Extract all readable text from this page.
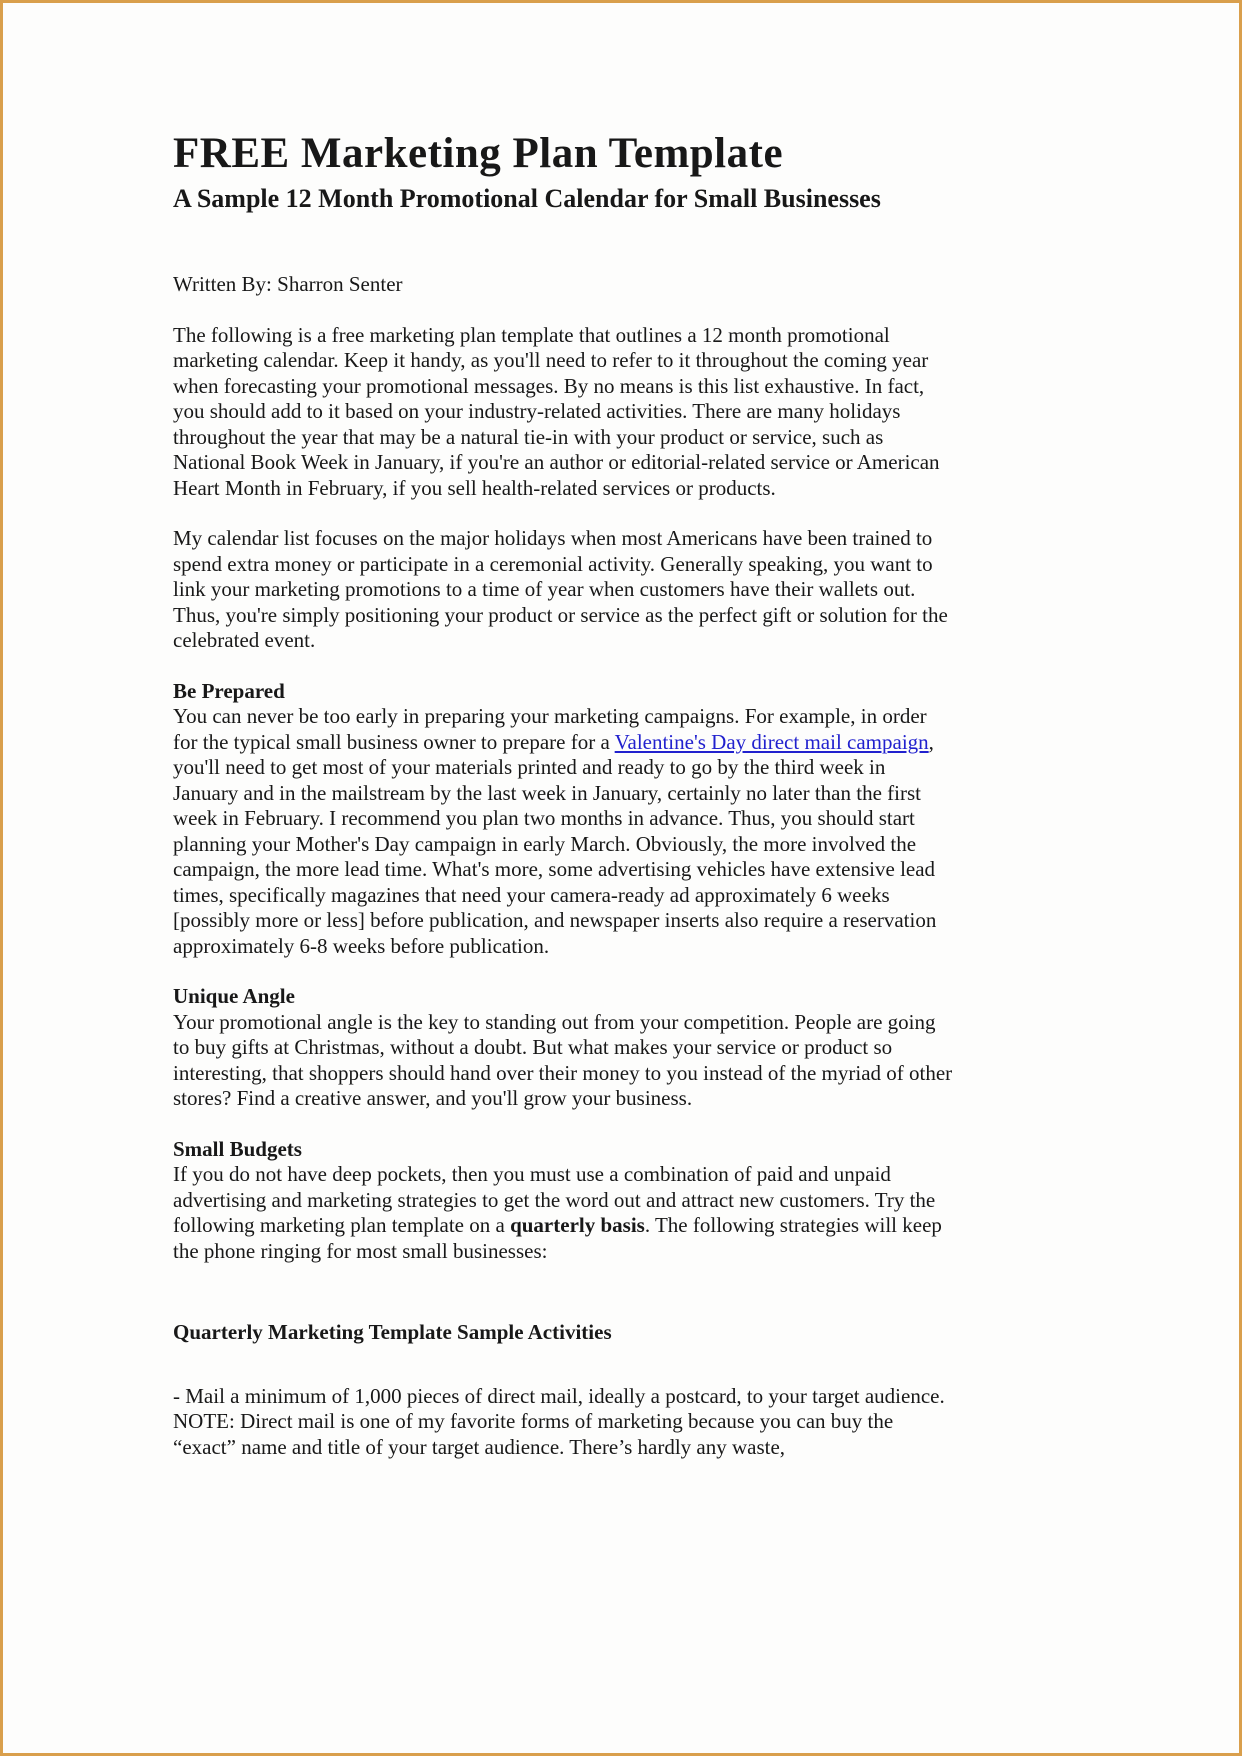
FREE Marketing Plan Template
A Sample 12 Month Promotional Calendar for Small Businesses
Written By: Sharron Senter

The following is a free marketing plan template that outlines a 12 month promotional marketing calendar. Keep it handy, as you'll need to refer to it throughout the coming year when forecasting your promotional messages. By no means is this list exhaustive. In fact, you should add to it based on your industry-related activities. There are many holidays throughout the year that may be a natural tie-in with your product or service, such as National Book Week in January, if you're an author or editorial-related service or American Heart Month in February, if you sell health-related services or products.

My calendar list focuses on the major holidays when most Americans have been trained to spend extra money or participate in a ceremonial activity. Generally speaking, you want to link your marketing promotions to a time of year when customers have their wallets out. Thus, you're simply positioning your product or service as the perfect gift or solution for the celebrated event.

Be Prepared

You can never be too early in preparing your marketing campaigns. For example, in order for the typical small business owner to prepare for a Valentine's Day direct mail campaign, you'll need to get most of your materials printed and ready to go by the third week in January and in the mailstream by the last week in January, certainly no later than the first week in February. I recommend you plan two months in advance. Thus, you should start planning your Mother's Day campaign in early March. Obviously, the more involved the campaign, the more lead time. What's more, some advertising vehicles have extensive lead times, specifically magazines that need your camera-ready ad approximately 6 weeks [possibly more or less] before publication, and newspaper inserts also require a reservation approximately 6-8 weeks before publication.

Unique Angle

Your promotional angle is the key to standing out from your competition. People are going to buy gifts at Christmas, without a doubt. But what makes your service or product so interesting, that shoppers should hand over their money to you instead of the myriad of other stores? Find a creative answer, and you'll grow your business.

Small Budgets

If you do not have deep pockets, then you must use a combination of paid and unpaid advertising and marketing strategies to get the word out and attract new customers. Try the following marketing plan template on a quarterly basis. The following strategies will keep the phone ringing for most small businesses:

Quarterly Marketing Template Sample Activities

- Mail a minimum of 1,000 pieces of direct mail, ideally a postcard, to your target audience. NOTE: Direct mail is one of my favorite forms of marketing because you can buy the “exact” name and title of your target audience. There’s hardly any waste,
